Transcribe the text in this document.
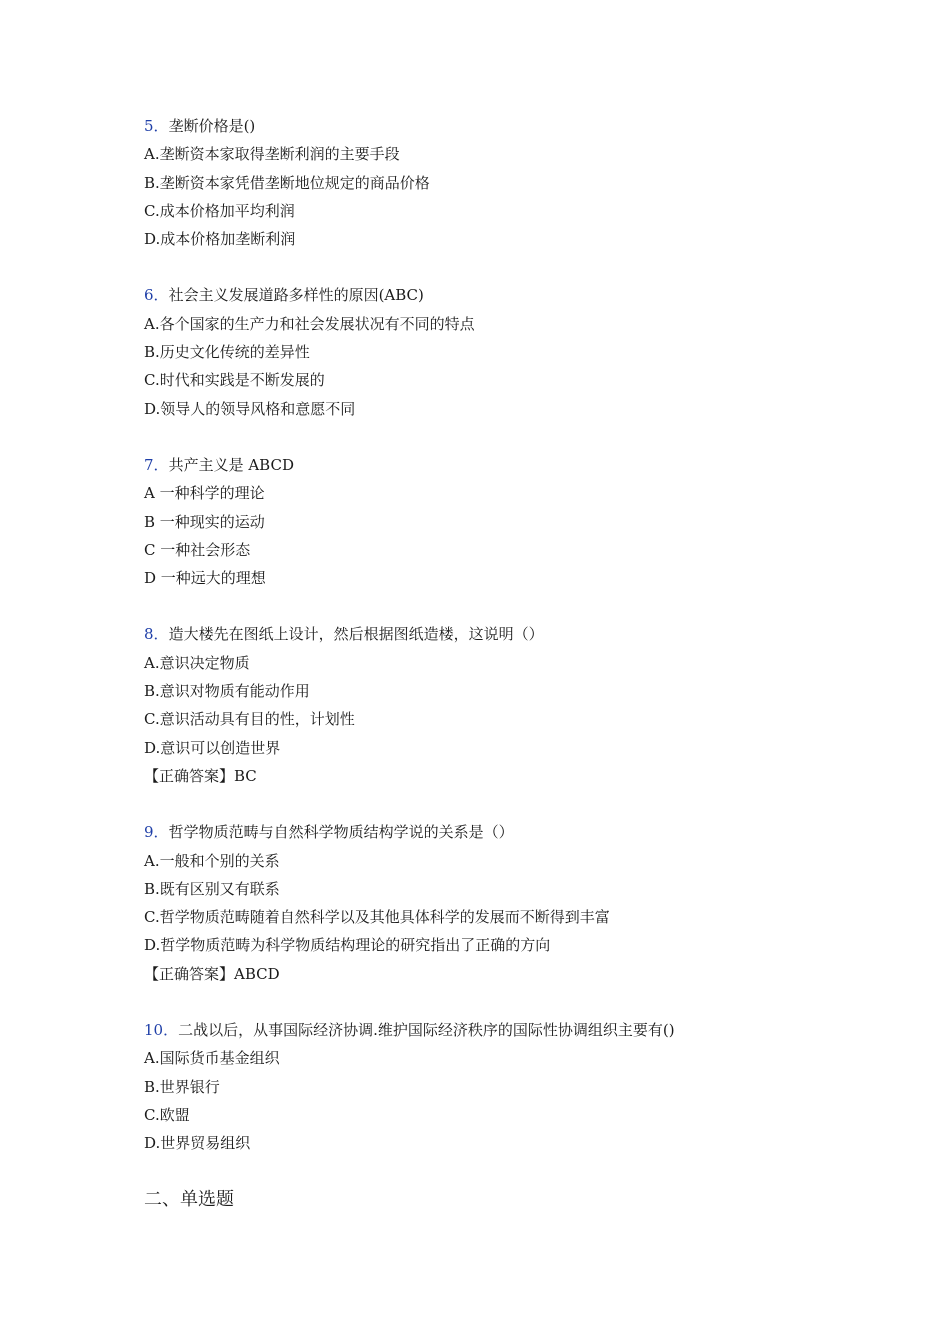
5．垄断价格是()
A.垄断资本家取得垄断利润的主要手段
B.垄断资本家凭借垄断地位规定的商品价格
C.成本价格加平均利润
D.成本价格加垄断利润
6．社会主义发展道路多样性的原因(ABC)
A.各个国家的生产力和社会发展状况有不同的特点
B.历史文化传统的差异性
C.时代和实践是不断发展的
D.领导人的领导风格和意愿不同
7．共产主义是 ABCD
A 一种科学的理论
B 一种现实的运动
C 一种社会形态
D 一种远大的理想
8．造大楼先在图纸上设计，然后根据图纸造楼，这说明（）
A.意识决定物质
B.意识对物质有能动作用
C.意识活动具有目的性，计划性
D.意识可以创造世界
【正确答案】BC
9．哲学物质范畴与自然科学物质结构学说的关系是（）
A.一般和个别的关系
B.既有区别又有联系
C.哲学物质范畴随着自然科学以及其他具体科学的发展而不断得到丰富
D.哲学物质范畴为科学物质结构理论的研究指出了正确的方向
【正确答案】ABCD
10．二战以后，从事国际经济协调.维护国际经济秩序的国际性协调组织主要有()
A.国际货币基金组织
B.世界银行
C.欧盟
D.世界贸易组织
二、单选题
